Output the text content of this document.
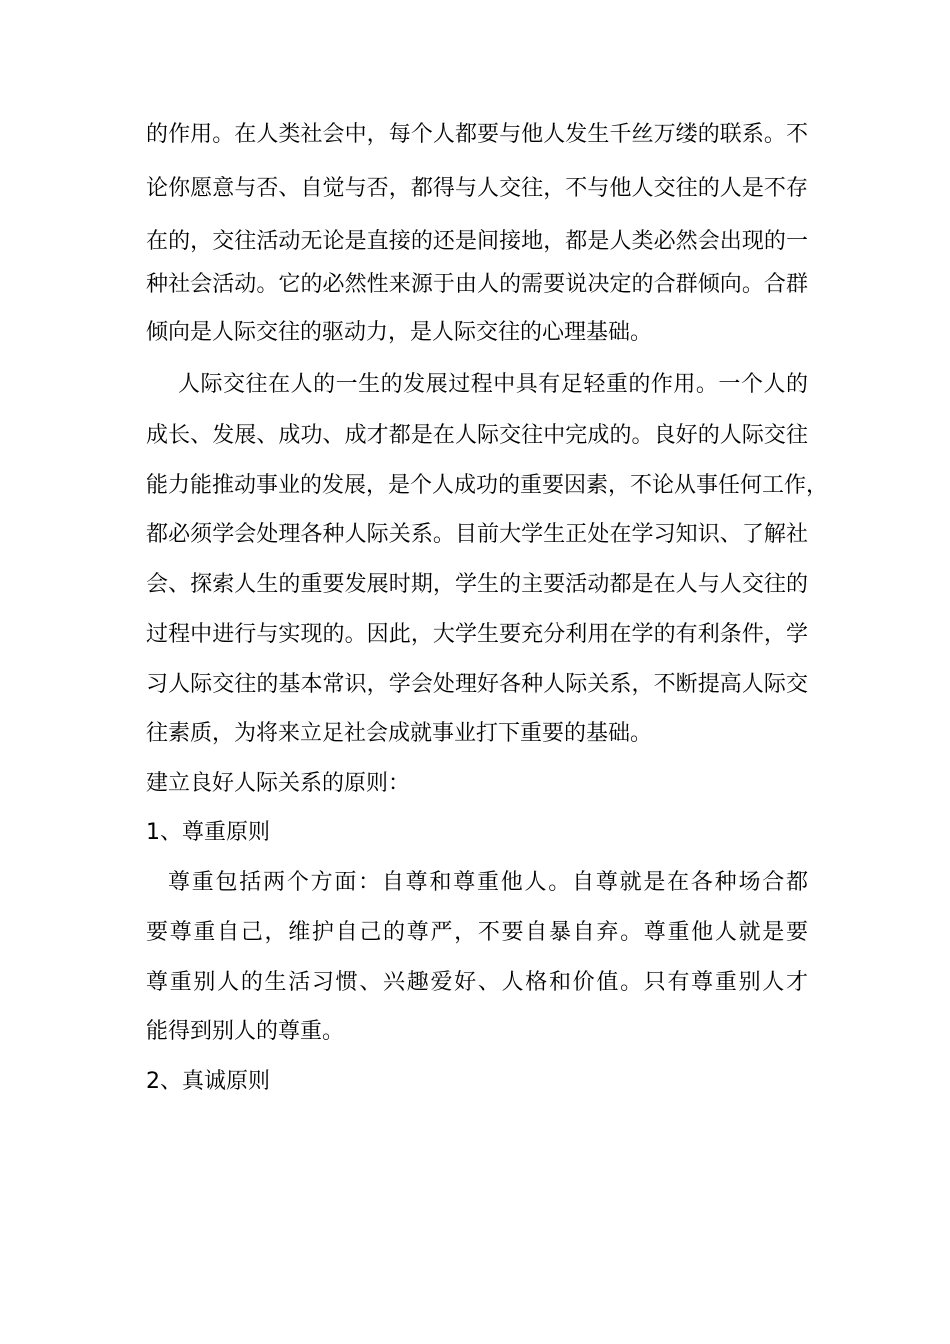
的作用。在人类社会中，每个人都要与他人发生千丝万缕的联系。不
论你愿意与否、自觉与否，都得与人交往，不与他人交往的人是不存
在的，交往活动无论是直接的还是间接地，都是人类必然会出现的一
种社会活动。它的必然性来源于由人的需要说决定的合群倾向。合群
倾向是人际交往的驱动力，是人际交往的心理基础。
人际交往在人的一生的发展过程中具有足轻重的作用。一个人的
成长、发展、成功、成才都是在人际交往中完成的。良好的人际交往
能力能推动事业的发展，是个人成功的重要因素，不论从事任何工作，
都必须学会处理各种人际关系。目前大学生正处在学习知识、了解社
会、探索人生的重要发展时期，学生的主要活动都是在人与人交往的
过程中进行与实现的。因此，大学生要充分利用在学的有利条件，学
习人际交往的基本常识，学会处理好各种人际关系，不断提高人际交
往素质，为将来立足社会成就事业打下重要的基础。
建立良好人际关系的原则：
1、尊重原则
尊重包括两个方面：自尊和尊重他人。自尊就是在各种场合都
要尊重自己，维护自己的尊严，不要自暴自弃。尊重他人就是要
尊重别人的生活习惯、兴趣爱好、人格和价值。只有尊重别人才
能得到别人的尊重。
2、真诚原则
